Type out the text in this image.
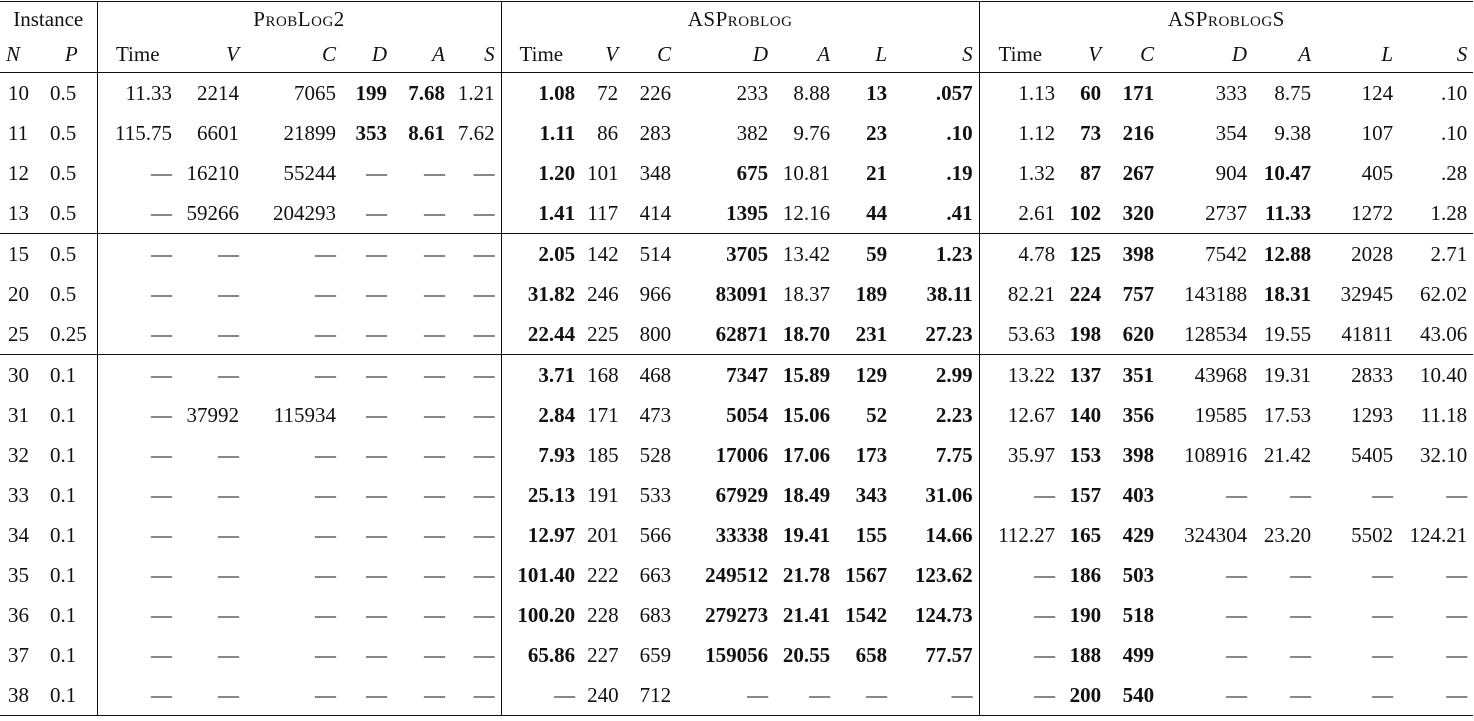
Instance		ProbLog2						ASProblog							ASProblogS						
N	P	Time	V	C	D	A	S	Time	V	C	D	A	L	S	Time	V	C	D	A	L	S
10	0.5	11.33	2214	7065	199	7.68	1.21	1.08	72	226	233	8.88	13	.057	1.13	60	171	333	8.75	124	.10
11	0.5	115.75	6601	21899	353	8.61	7.62	1.11	86	283	382	9.76	23	.10	1.12	73	216	354	9.38	107	.10
12	0.5	—	16210	55244	—	—	—	1.20	101	348	675	10.81	21	.19	1.32	87	267	904	10.47	405	.28
13	0.5	—	59266	204293	—	—	—	1.41	117	414	1395	12.16	44	.41	2.61	102	320	2737	11.33	1272	1.28
15	0.5	—	—	—	—	—	—	2.05	142	514	3705	13.42	59	1.23	4.78	125	398	7542	12.88	2028	2.71
20	0.5	—	—	—	—	—	—	31.82	246	966	83091	18.37	189	38.11	82.21	224	757	143188	18.31	32945	62.02
25	0.25	—	—	—	—	—	—	22.44	225	800	62871	18.70	231	27.23	53.63	198	620	128534	19.55	41811	43.06
30	0.1	—	—	—	—	—	—	3.71	168	468	7347	15.89	129	2.99	13.22	137	351	43968	19.31	2833	10.40
31	0.1	—	37992	115934	—	—	—	2.84	171	473	5054	15.06	52	2.23	12.67	140	356	19585	17.53	1293	11.18
32	0.1	—	—	—	—	—	—	7.93	185	528	17006	17.06	173	7.75	35.97	153	398	108916	21.42	5405	32.10
33	0.1	—	—	—	—	—	—	25.13	191	533	67929	18.49	343	31.06	—	157	403	—	—	—	—
34	0.1	—	—	—	—	—	—	12.97	201	566	33338	19.41	155	14.66	112.27	165	429	324304	23.20	5502	124.21
35	0.1	—	—	—	—	—	—	101.40	222	663	249512	21.78	1567	123.62	—	186	503	—	—	—	—
36	0.1	—	—	—	—	—	—	100.20	228	683	279273	21.41	1542	124.73	—	190	518	—	—	—	—
37	0.1	—	—	—	—	—	—	65.86	227	659	159056	20.55	658	77.57	—	188	499	—	—	—	—
38	0.1	—	—	—	—	—	—	—	240	712	—	—	—	—	—	200	540	—	—	—	—
